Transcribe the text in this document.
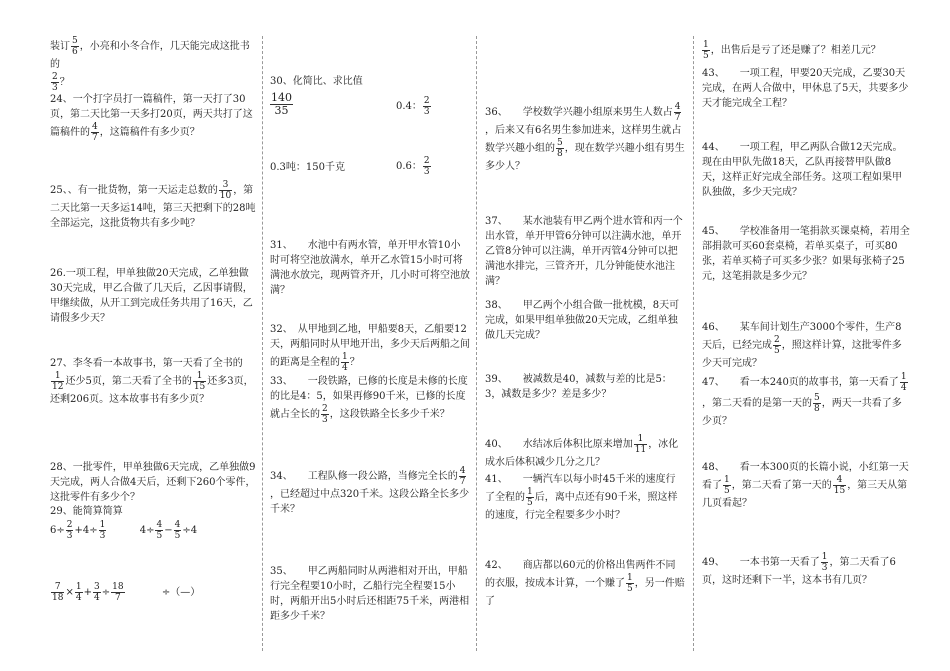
装订 $\frac{5}{6}$ ，小亮和小冬合作，几天能完成这批书的

$\frac{2}{3}$ ？
24、一个打字员打一篇稿件，第一天打了30页，第二天比第一天多打20页，两天共打了这篇稿件的 $\frac{4}{7}$ ，这篇稿件有多少页？
25、、有一批货物，第一天运走总数的 $\frac{3}{10}$ ，第二天比第一天多运14吨，第三天把剩下的28吨全部运完，这批货物共有多少吨？
26.一项工程，甲单独做20天完成，乙单独做30天完成，甲乙合做了几天后，乙因事请假，甲继续做，从开工到完成任务共用了16天，乙请假多少天？
27、李冬看一本故事书，第一天看了全书的
$\frac{1}{12}$ 还少5页，第二天看了全书的 $\frac{1}{15}$ 还多3页，还剩206页。这本故事书有多少页？
28、一批零件，甲单独做6天完成，乙单独做9天完成，两人合做4天后，还剩下260个零件，这批零件有多少个？
29、能简算简算
$6\div \frac{2}{3} +4\div \frac{1}{3}$	$4\div \frac{4}{5} - \frac{4}{5} \div 4$
$\frac{7}{18} \times \frac{1}{4} + \frac{3}{4} \div \frac{18}{7}$	÷（—）
30、化简比、求比值
$\frac{140}{35}$	0.4： $\frac{2}{3}$
0.3吨：150千克	0.6： $\frac{2}{3}$
31、　　水池中有两水管，单开甲水管10小时可将空池放满水，单开乙水管15小时可将满池水放完，现两管齐开，几小时可将空池放满？
32、　从甲地到乙地，甲船要8天，乙船要12天，两船同时从甲地开出，多少天后两船之间的距离是全程的 $\frac{1}{4}$ ？
33、　　一段铁路，已修的长度是未修的长度的比是4：5，如果再修90千米，已修的长度就占全长的 $\frac{2}{3}$ ，这段铁路全长多少千米？
34、　　工程队修一段公路，当修完全长的 $\frac{4}{7}$
，已经超过中点320千米。这段公路全长多少千米？
35、　　甲乙两船同时从两港相对开出，甲船行完全程要10小时，乙船行完全程要15小时，两船开出5小时后还相距75千米，两港相距多少千米？
36、　　学校数学兴趣小组原来男生人数占 $\frac{4}{7}$
，后来又有6名男生参加进来，这样男生就占数学兴趣小组的 $\frac{5}{8}$ ，现在数学兴趣小组有男生多少人？
37、　　某水池装有甲乙两个进水管和丙一个出水管，单开甲管6分钟可以注满水池，单开乙管8分钟可以注满，单开丙管4分钟可以把满池水排完，三管齐开，几分钟能使水池注满？
38、　　甲乙两个小组合做一批枕模，8天可完成，如果甲组单独做20天完成，乙组单独做几天完成？
39、　　被减数是40，减数与差的比是5：3，减数是多少？差是多少？
40、　　水结冰后体积比原来增加 $\frac{1}{11}$ ，冰化成水后体积减少几分之几？
41、　　一辆汽车以每小时45千米的速度行了全程的 $\frac{1}{5}$ 后，离中点还有90千米，照这样的速度，行完全程要多少小时？
42、　　商店都以60元的价格出售两件不同的衣服，按成本计算，一个赚了 $\frac{1}{5}$ ，另一件赔了
$\frac{1}{5}$ ，出售后是亏了还是赚了？相差几元？
43、　　一项工程，甲要20天完成，乙要30天完成，在两人合做中，甲休息了5天，共要多少天才能完成全工程？
44、　　一项工程，甲乙两队合做12天完成。现在由甲队先做18天，乙队再接替甲队做8天，这样正好完成全部任务。这项工程如果甲队独做，多少天完成？
45、　　学校准备用一笔捐款买课桌椅，若用全部捐款可买60套桌椅，若单买桌子，可买80张，若单买椅子可买多少张？如果每张椅子25元，这笔捐款是多少元？
46、　　某车间计划生产3000个零件，生产8天后，已经完成 $\frac{2}{5}$ ，照这样计算，这批零件多少天可完成？
47、　　看一本240页的故事书，第一天看了 $\frac{1}{4}$
，第二天看的是第一天的 $\frac{5}{8}$ ，两天一共看了多少页？
48、　　看一本300页的长篇小说，小红第一天看了 $\frac{1}{5}$ ，第二天看了第一天的 $\frac{4}{15}$ ，第三天从第几页看起？
49、　　一本书第一天看了 $\frac{1}{3}$ ，第二天看了6页，这时还剩下一半，这本书有几页？
